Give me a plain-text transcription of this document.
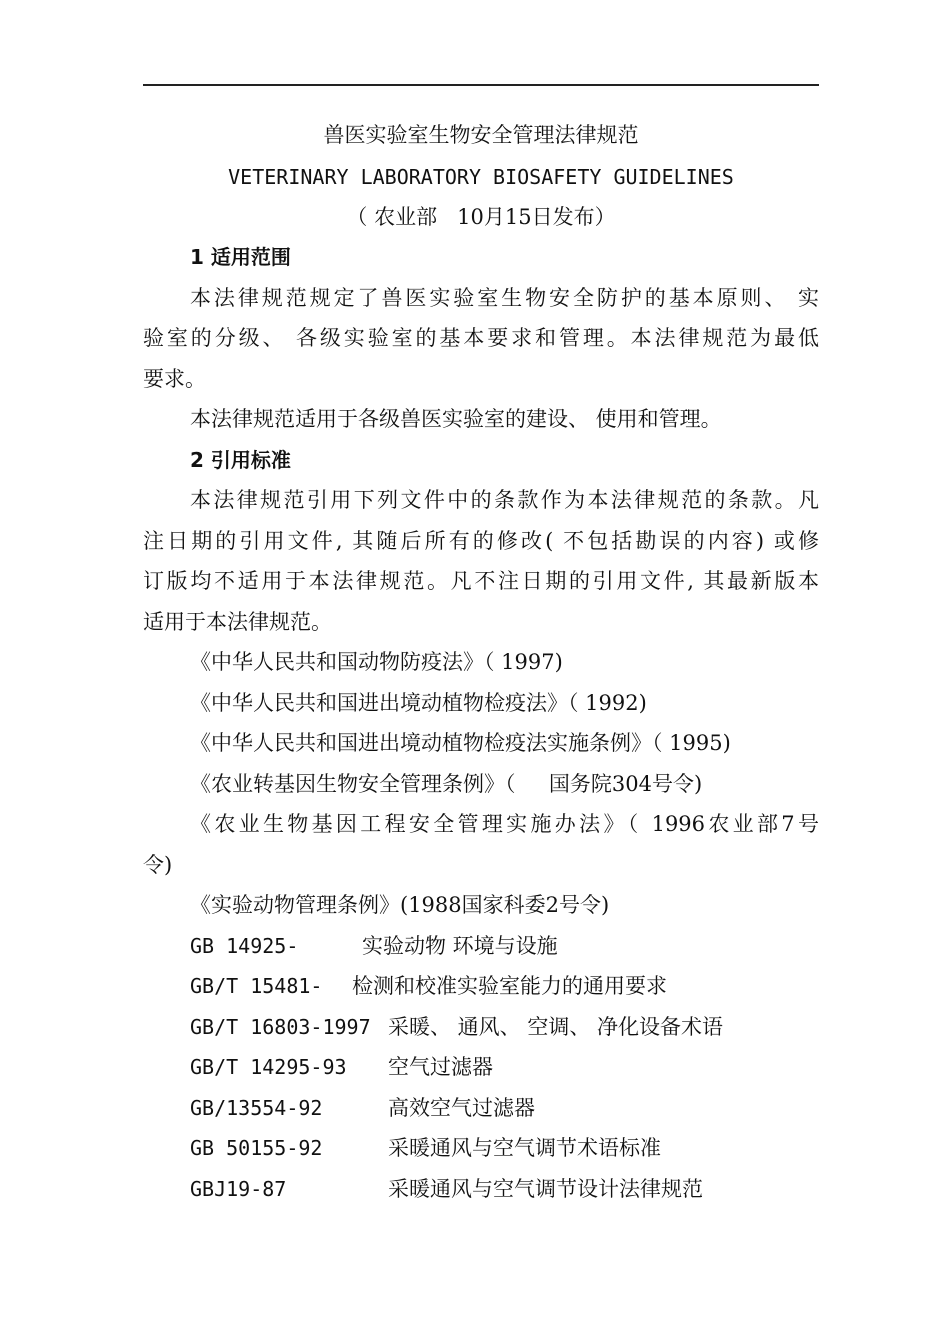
兽医实验室生物安全管理法律规范
VETERINARY LABORATORY BIOSAFETY GUIDELINES
（ 农业部   10月15日发布）
1 适用范围
本法律规范规定了兽医实验室生物安全防护的基本原则、 实
验室的分级、 各级实验室的基本要求和管理。本法律规范为最低
要求。
本法律规范适用于各级兽医实验室的建设、 使用和管理。
2 引用标准
本法律规范引用下列文件中的条款作为本法律规范的条款。凡
注日期的引用文件, 其随后所有的修改( 不包括勘误的内容) 或修
订版均不适用于本法律规范。凡不注日期的引用文件, 其最新版本
适用于本法律规范。
《中华人民共和国动物防疫法》（ 1997)
《中华人民共和国进出境动植物检疫法》（ 1992)
《中华人民共和国进出境动植物检疫法实施条例》（ 1995)
《农业转基因生物安全管理条例》（     国务院304号令)
《农业生物基因工程安全管理实施办法》（ 1996农业部7号
令)
《实验动物管理条例》(1988国家科委2号令)
GB 14925-	实验动物 环境与设施
GB/T 15481- 检测和校准实验室能力的通用要求
GB/T 16803-1997 采暖、 通风、 空调、 净化设备术语
GB/T 14295-93 空气过滤器
GB/13554-92	高效空气过滤器
GB 50155-92	采暖通风与空气调节术语标准
GBJ19-87	采暖通风与空气调节设计法律规范
